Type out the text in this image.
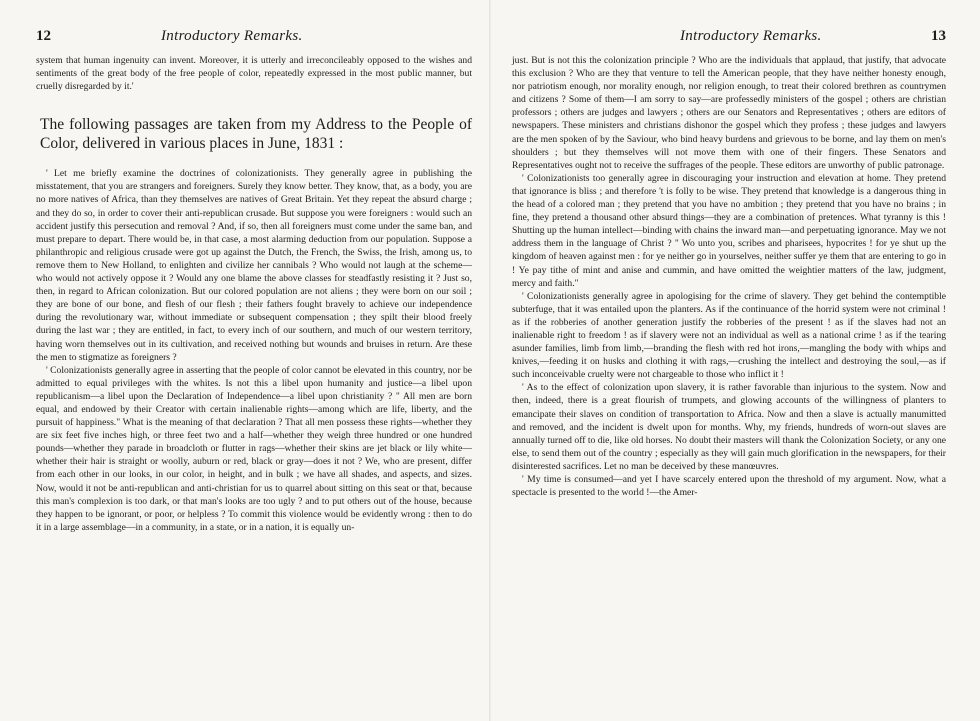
12	Introductory Remarks.

system that human ingenuity can invent. Moreover, it is utterly and irreconcileably opposed to the wishes and sentiments of the great body of the free people of color, repeatedly expressed in the most public manner, but cruelly disregarded by it.'

The following passages are taken from my Address to the People of Color, delivered in various places in June, 1831 :

' Let me briefly examine the doctrines of colonizationists. They generally agree in publishing the misstatement, that you are strangers and foreigners. Surely they know better. They know, that, as a body, you are no more natives of Africa, than they themselves are natives of Great Britain. Yet they repeat the absurd charge ; and they do so, in order to cover their anti-republican crusade. But suppose you were foreigners : would such an accident justify this persecution and removal ? And, if so, then all foreigners must come under the same ban, and must prepare to depart. There would be, in that case, a most alarming deduction from our population. Suppose a philanthropic and religious crusade were got up against the Dutch, the French, the Swiss, the Irish, among us, to remove them to New Holland, to enlighten and civilize her cannibals ? Who would not laugh at the scheme—who would not actively oppose it ? Would any one blame the above classes for steadfastly resisting it ? Just so, then, in regard to African colonization. But our colored population are not aliens ; they were born on our soil ; they are bone of our bone, and flesh of our flesh ; their fathers fought bravely to achieve our independence during the revolutionary war, without immediate or subsequent compensation ; they spilt their blood freely during the last war ; they are entitled, in fact, to every inch of our southern, and much of our western territory, having worn themselves out in its cultivation, and received nothing but wounds and bruises in return. Are these the men to stigmatize as foreigners ?

' Colonizationists generally agree in asserting that the people of color cannot be elevated in this country, nor be admitted to equal privileges with the whites. Is not this a libel upon humanity and justice—a libel upon republicanism—a libel upon the Declaration of Independence—a libel upon christianity ? " All men are born equal, and endowed by their Creator with certain inalienable rights—among which are life, liberty, and the pursuit of happiness." What is the meaning of that declaration ? That all men possess these rights—whether they are six feet five inches high, or three feet two and a half—whether they weigh three hundred or one hundred pounds—whether they parade in broadcloth or flutter in rags—whether their skins are jet black or lily white—whether their hair is straight or woolly, auburn or red, black or gray—does it not ? We, who are present, differ from each other in our looks, in our color, in height, and in bulk ; we have all shades, and aspects, and sizes. Now, would it not be anti-republican and anti-christian for us to quarrel about sitting on this seat or that, because this man's complexion is too dark, or that man's looks are too ugly ? and to put others out of the house, because they happen to be ignorant, or poor, or helpless ? To commit this violence would be evidently wrong : then to do it in a large assemblage—in a community, in a state, or in a nation, it is equally un-

Introductory Remarks.	13

just. But is not this the colonization principle ? Who are the individuals that applaud, that justify, that advocate this exclusion ? Who are they that venture to tell the American people, that they have neither honesty enough, nor patriotism enough, nor morality enough, nor religion enough, to treat their colored brethren as countrymen and citizens ? Some of them—I am sorry to say—are professedly ministers of the gospel ; others are christian professors ; others are judges and lawyers ; others are our Senators and Representatives ; others are editors of newspapers. These ministers and christians dishonor the gospel which they profess ; these judges and lawyers are the men spoken of by the Saviour, who bind heavy burdens and grievous to be borne, and lay them on men's shoulders ; but they themselves will not move them with one of their fingers. These Senators and Representatives ought not to receive the suffrages of the people. These editors are unworthy of public patronage.

' Colonizationists too generally agree in discouraging your instruction and elevation at home. They pretend that ignorance is bliss ; and therefore 't is folly to be wise. They pretend that knowledge is a dangerous thing in the head of a colored man ; they pretend that you have no ambition ; they pretend that you have no brains ; in fine, they pretend a thousand other absurd things—they are a combination of pretences. What tyranny is this ! Shutting up the human intellect—binding with chains the inward man—and perpetuating ignorance. May we not address them in the language of Christ ? " Wo unto you, scribes and pharisees, hypocrites ! for ye shut up the kingdom of heaven against men : for ye neither go in yourselves, neither suffer ye them that are entering to go in ! Ye pay tithe of mint and anise and cummin, and have omitted the weightier matters of the law, judgment, mercy and faith."

' Colonizationists generally agree in apologising for the crime of slavery. They get behind the contemptible subterfuge, that it was entailed upon the planters. As if the continuance of the horrid system were not criminal ! as if the robberies of another generation justify the robberies of the present ! as if the slaves had not an inalienable right to freedom ! as if slavery were not an individual as well as a national crime ! as if the tearing asunder families, limb from limb,—branding the flesh with red hot irons,—mangling the body with whips and knives,—feeding it on husks and clothing it with rags,—crushing the intellect and destroying the soul,—as if such inconceivable cruelty were not chargeable to those who inflict it !

' As to the effect of colonization upon slavery, it is rather favorable than injurious to the system. Now and then, indeed, there is a great flourish of trumpets, and glowing accounts of the willingness of planters to emancipate their slaves on condition of transportation to Africa. Now and then a slave is actually manumitted and removed, and the incident is dwelt upon for months. Why, my friends, hundreds of worn-out slaves are annually turned off to die, like old horses. No doubt their masters will thank the Colonization Society, or any one else, to send them out of the country ; especially as they will gain much glorification in the newspapers, for their disinterested sacrifices. Let no man be deceived by these manœuvres.

' My time is consumed—and yet I have scarcely entered upon the threshold of my argument. Now, what a spectacle is presented to the world !—the Amer-
